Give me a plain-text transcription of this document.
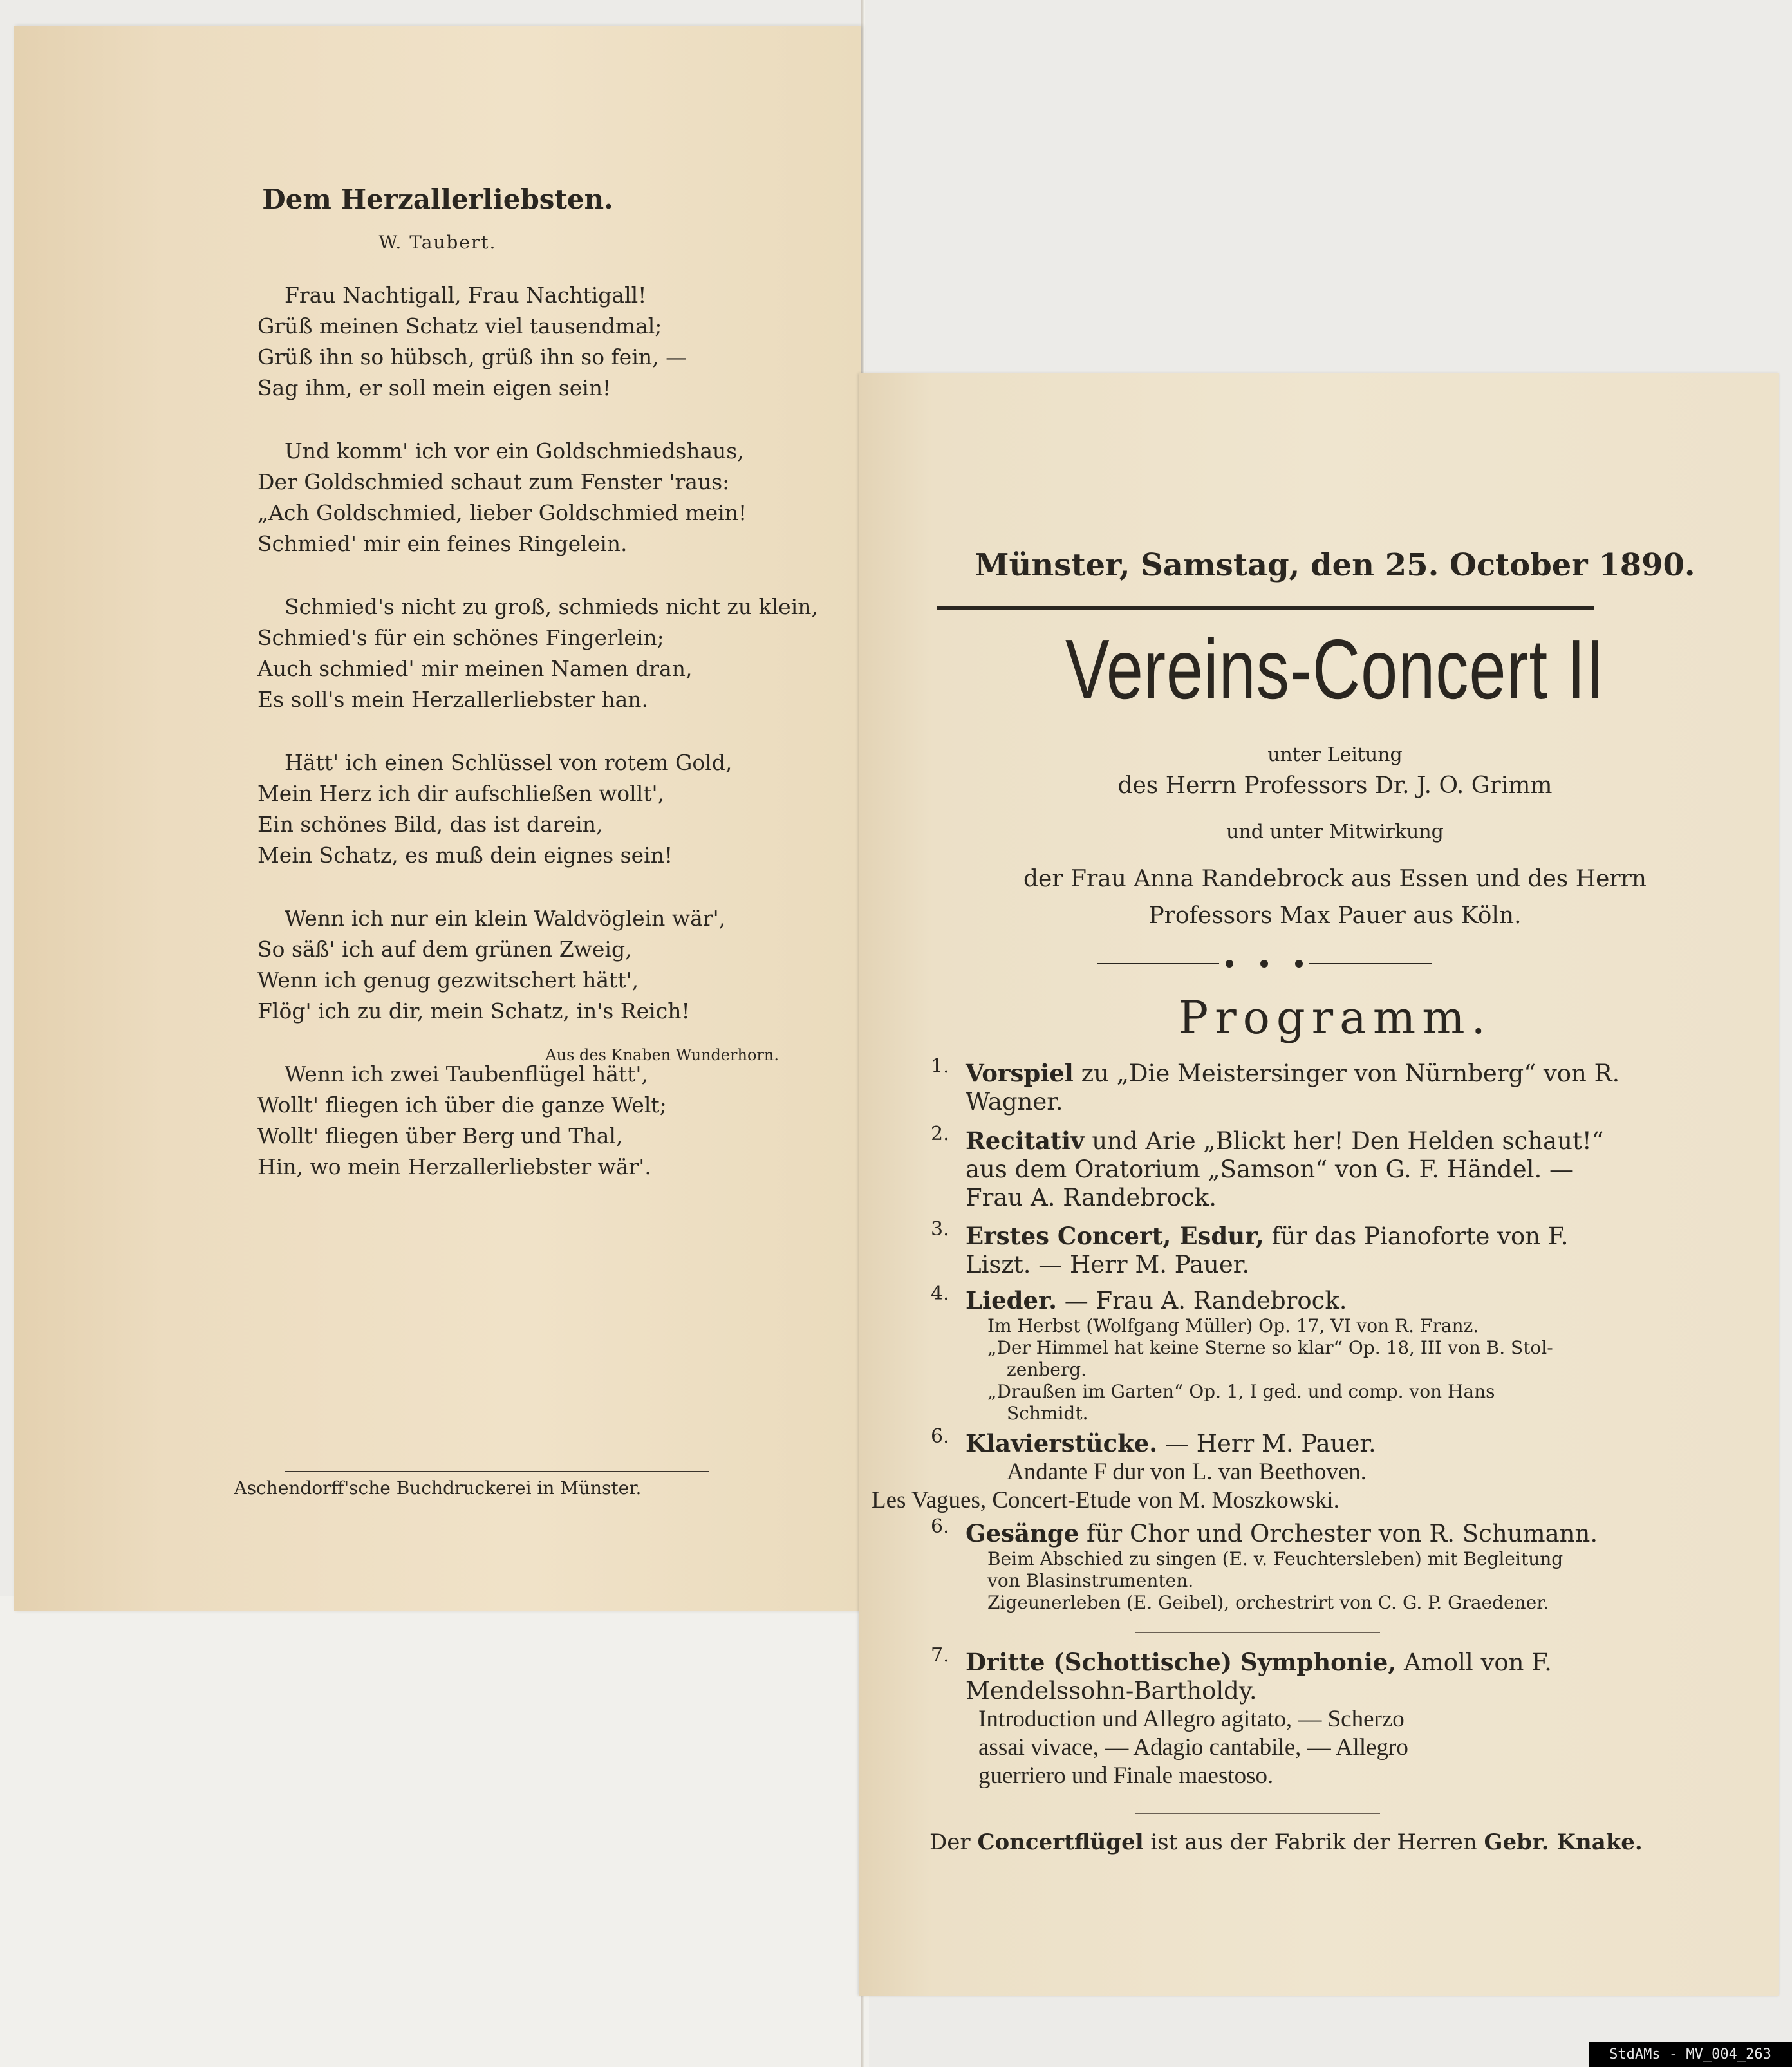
Dem Herzallerliebsten.
W. Taubert.
Frau Nachtigall, Frau Nachtigall!
Grüß meinen Schatz viel tausendmal;
Grüß ihn so hübsch, grüß ihn so fein, —
Sag ihm, er soll mein eigen sein!
Und komm' ich vor ein Goldschmiedshaus,
Der Goldschmied schaut zum Fenster 'raus:
„Ach Goldschmied, lieber Goldschmied mein!
Schmied' mir ein feines Ringelein.
Schmied's nicht zu groß, schmieds nicht zu klein,
Schmied's für ein schönes Fingerlein;
Auch schmied' mir meinen Namen dran,
Es soll's mein Herzallerliebster han.
Hätt' ich einen Schlüssel von rotem Gold,
Mein Herz ich dir aufschließen wollt',
Ein schönes Bild, das ist darein,
Mein Schatz, es muß dein eignes sein!
Wenn ich nur ein klein Waldvöglein wär',
So säß' ich auf dem grünen Zweig,
Wenn ich genug gezwitschert hätt',
Flög' ich zu dir, mein Schatz, in's Reich!
Wenn ich zwei Taubenflügel hätt',
Wollt' fliegen ich über die ganze Welt;
Wollt' fliegen über Berg und Thal,
Hin, wo mein Herzallerliebster wär'.
Aus des Knaben Wunderhorn.
Aschendorff'sche Buchdruckerei in Münster.
Münster, Samstag, den 25. October 1890.
Vereins-Concert II
unter Leitung
des Herrn Professors Dr. J. O. Grimm
und unter Mitwirkung
der Frau Anna Randebrock aus Essen und des Herrn
Professors Max Pauer aus Köln.
Programm.
1. Vorspiel zu „Die Meistersinger von Nürnberg“ von R. Wagner.
2. Recitativ und Arie „Blickt her! Den Helden schaut!“ aus dem Oratorium „Samson“ von G. F. Händel. — Frau A. Randebrock.
3. Erstes Concert, Esdur, für das Pianoforte von F. Liszt. — Herr M. Pauer.
4. Lieder. — Frau A. Randebrock.
Im Herbst (Wolfgang Müller) Op. 17, VI von R. Franz.
„Der Himmel hat keine Sterne so klar“ Op. 18, III von B. Stol-
zenberg.
„Draußen im Garten“ Op. 1, I ged. und comp. von Hans
Schmidt.
6. Klavierstücke. — Herr M. Pauer.
Andante F dur von L. van Beethoven.
Les Vagues, Concert-Etude von M. Moszkowski.
6. Gesänge für Chor und Orchester von R. Schumann.
Beim Abschied zu singen (E. v. Feuchtersleben) mit Begleitung
von Blasinstrumenten.
Zigeunerleben (E. Geibel), orchestrirt von C. G. P. Graedener.
7. Dritte (Schottische) Symphonie, Amoll von F. Mendelssohn-Bartholdy.
Introduction und Allegro agitato, — Scherzo
assai vivace, — Adagio cantabile, — Allegro
guerriero und Finale maestoso.
Der Concertflügel ist aus der Fabrik der Herren Gebr. Knake.
StdAMs - MV_004_263
